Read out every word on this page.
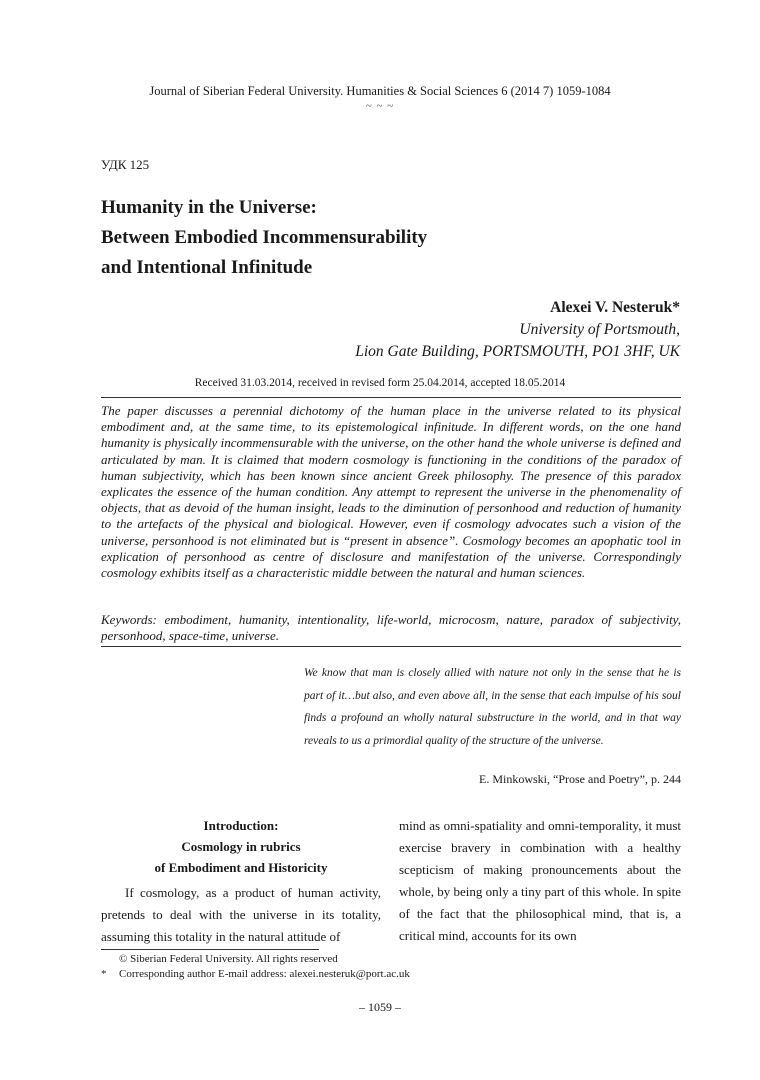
Journal of Siberian Federal University. Humanities & Social Sciences 6 (2014 7) 1059-1084
~ ~ ~
УДК 125
Humanity in the Universe:
Between Embodied Incommensurability
and Intentional Infinitude
Alexei V. Nesteruk*
University of Portsmouth,
Lion Gate Building, PORTSMOUTH, PO1 3HF, UK
Received 31.03.2014, received in revised form 25.04.2014, accepted 18.05.2014
The paper discusses a perennial dichotomy of the human place in the universe related to its physical embodiment and, at the same time, to its epistemological infinitude. In different words, on the one hand humanity is physically incommensurable with the universe, on the other hand the whole universe is defined and articulated by man. It is claimed that modern cosmology is functioning in the conditions of the paradox of human subjectivity, which has been known since ancient Greek philosophy. The presence of this paradox explicates the essence of the human condition. Any attempt to represent the universe in the phenomenality of objects, that as devoid of the human insight, leads to the diminution of personhood and reduction of humanity to the artefacts of the physical and biological. However, even if cosmology advocates such a vision of the universe, personhood is not eliminated but is “present in absence”. Cosmology becomes an apophatic tool in explication of personhood as centre of disclosure and manifestation of the universe. Correspondingly cosmology exhibits itself as a characteristic middle between the natural and human sciences.
Keywords: embodiment, humanity, intentionality, life-world, microcosm, nature, paradox of subjectivity, personhood, space-time, universe.
We know that man is closely allied with nature not only in the sense that he is part of it…but also, and even above all, in the sense that each impulse of his soul finds a profound an wholly natural substructure in the world, and in that way reveals to us a primordial quality of the structure of the universe.
E. Minkowski, “Prose and Poetry”, p. 244
Introduction:
Cosmology in rubrics
of Embodiment and Historicity

If cosmology, as a product of human activity, pretends to deal with the universe in its totality, assuming this totality in the natural attitude of

mind as omni-spatiality and omni-temporality, it must exercise bravery in combination with a healthy scepticism of making pronouncements about the whole, by being only a tiny part of this whole. In spite of the fact that the philosophical mind, that is, a critical mind, accounts for its own

© Siberian Federal University. All rights reserved
*	Corresponding author E-mail address: alexei.nesteruk@port.ac.uk
– 1059 –
